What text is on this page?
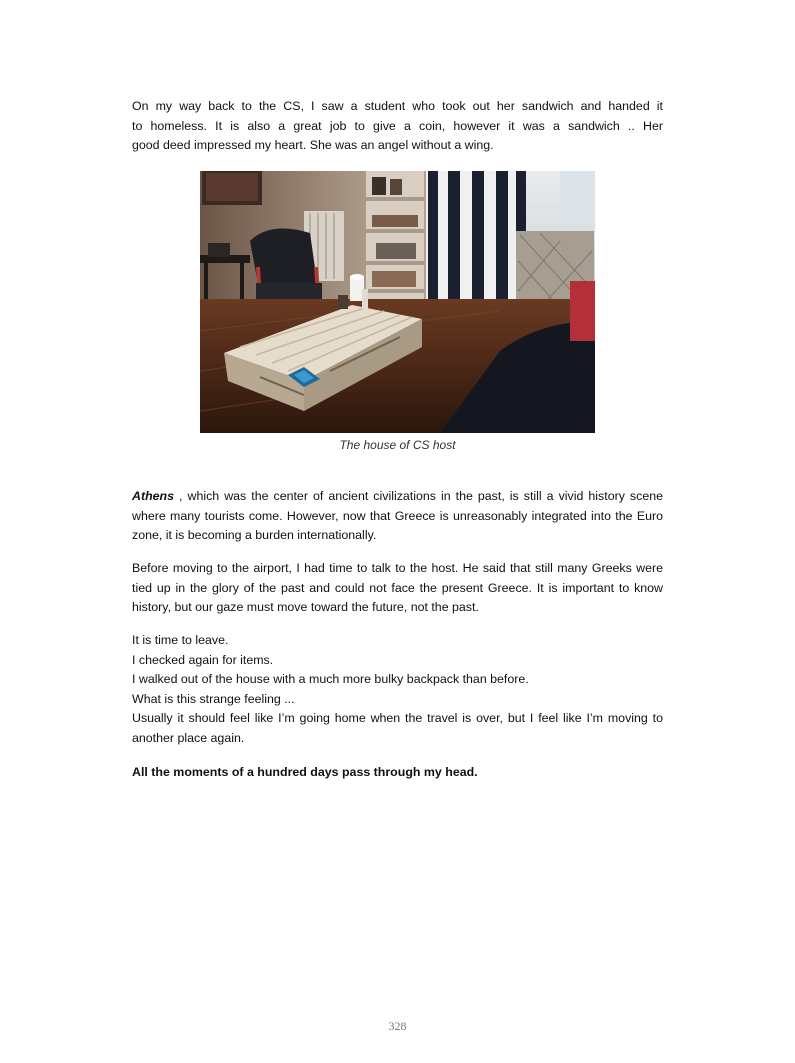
On my way back to the CS, I saw a student who took out her sandwich and handed it
to homeless. It is also a great job to give a coin, however it was a sandwich .. Her
good deed impressed my heart. She was an angel without a wing.

The house of CS host

Athens , which was the center of ancient civilizations in the past, is still a vivid history scene where many tourists come. However, now that Greece is unreasonably integrated into the Euro zone, it is becoming a burden internationally.

Before moving to the airport, I had time to talk to the host. He said that still many Greeks were tied up in the glory of the past and could not face the present Greece. It is important to know history, but our gaze must move toward the future, not the past.

It is time to leave.
I checked again for items.
I walked out of the house with a much more bulky backpack than before.
What is this strange feeling ...
Usually it should feel like I’m going home when the travel is over, but I feel like I’m moving to another place again.

All the moments of a hundred days pass through my head.

328
